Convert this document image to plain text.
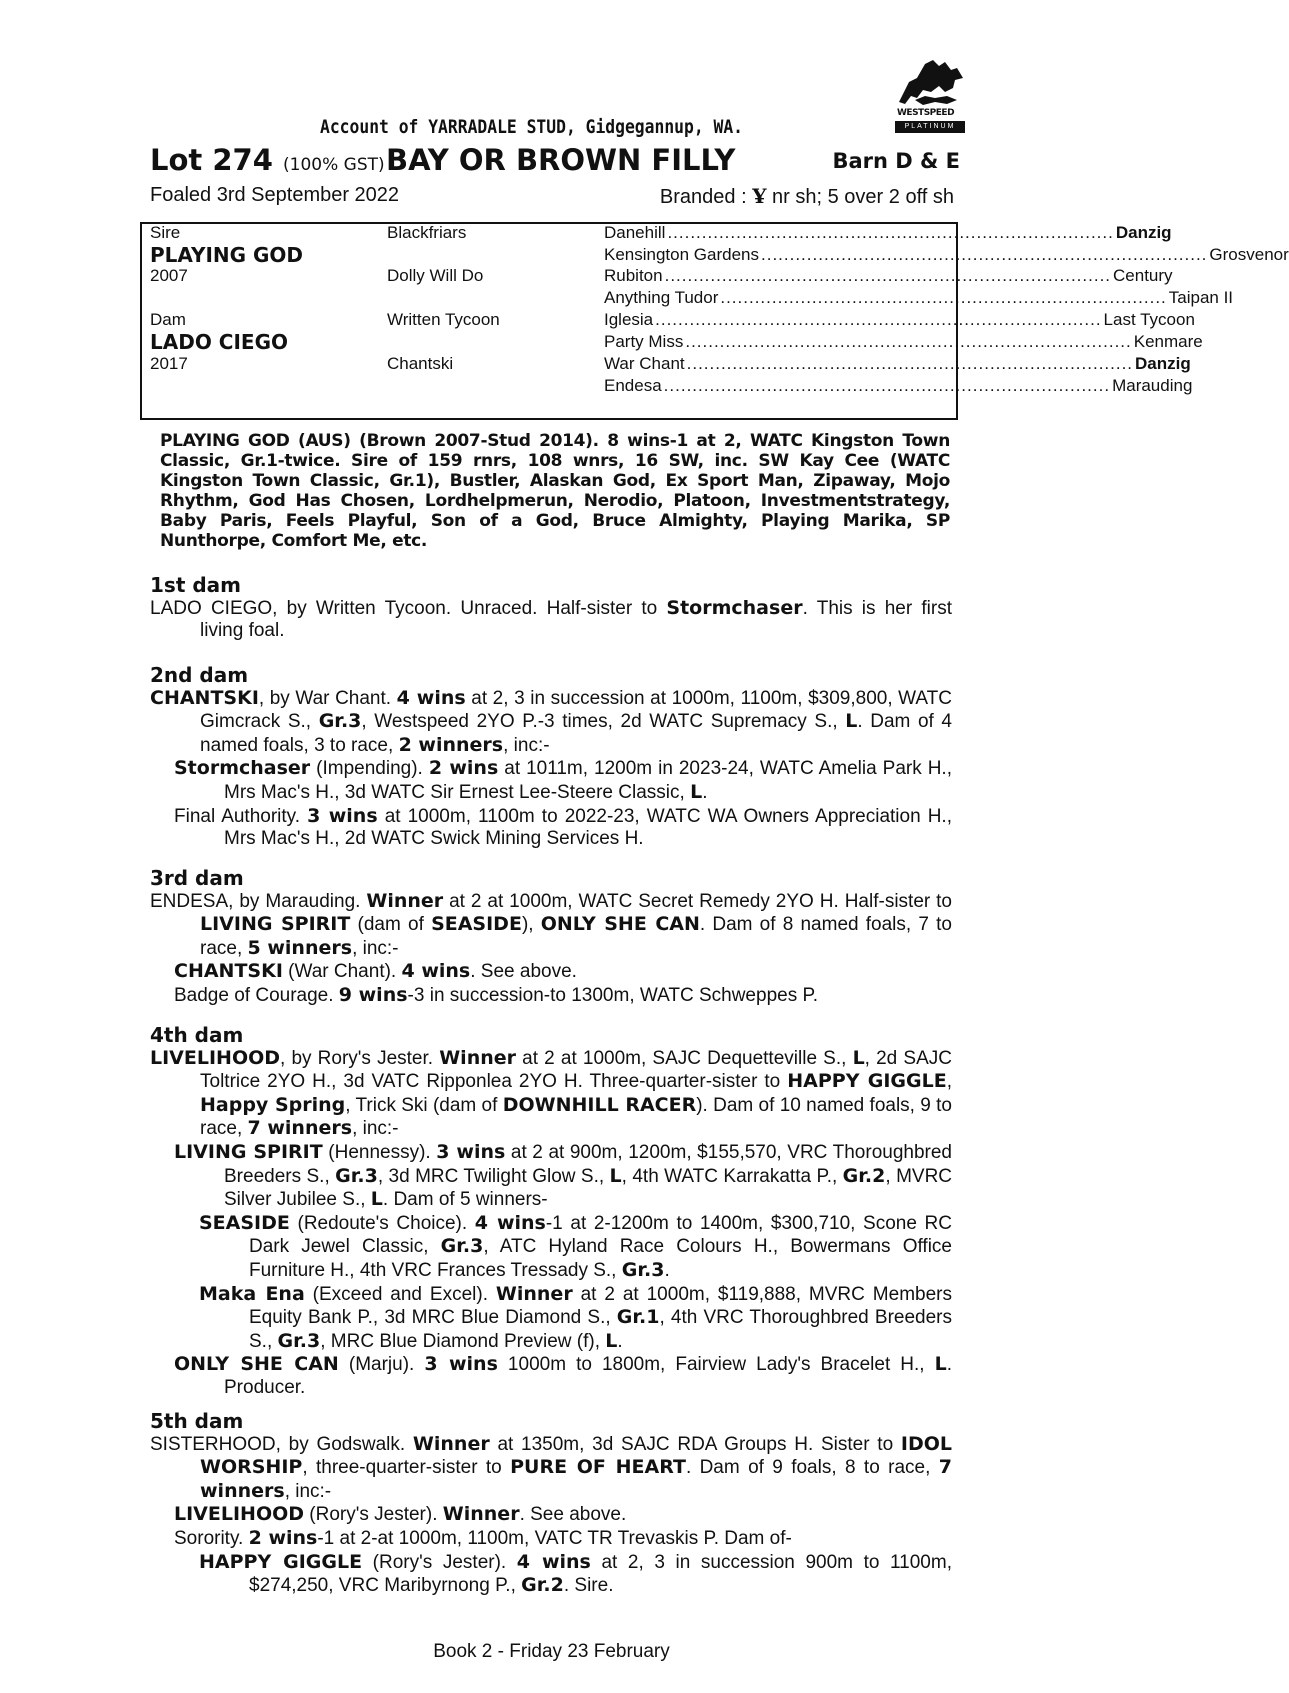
WESTSPEED
PLATINUM
Account of YARRADALE STUD, Gidgegannup, WA.
Lot 274 (100% GST) BAY OR BROWN FILLY	Barn D & E
Foaled 3rd September 2022	Branded : Ұ nr sh; 5 over 2 off sh
Sire
PLAYING GOD
2007
Dam
LADO CIEGO
2017
Blackfriars
Dolly Will Do
Written Tycoon
Chantski
Danehill .............................................................................. Danzig
Kensington Gardens .............................................................................. Grosvenor
Rubiton .............................................................................. Century
Anything Tudor .............................................................................. Taipan II
Iglesia .............................................................................. Last Tycoon
Party Miss .............................................................................. Kenmare
War Chant .............................................................................. Danzig
Endesa .............................................................................. Marauding
PLAYING GOD (AUS) (Brown 2007-Stud 2014). 8 wins-1 at 2, WATC Kingston Town Classic, Gr.1-twice. Sire of 159 rnrs, 108 wnrs, 16 SW, inc. SW Kay Cee (WATC Kingston Town Classic, Gr.1), Bustler, Alaskan God, Ex Sport Man, Zipaway, Mojo Rhythm, God Has Chosen, Lordhelpmerun, Nerodio, Platoon, Investmentstrategy, Baby Paris, Feels Playful, Son of a God, Bruce Almighty, Playing Marika, SP Nunthorpe, Comfort Me, etc.
1st dam

LADO CIEGO, by Written Tycoon. Unraced. Half-sister to Stormchaser. This is her first living foal.

2nd dam

CHANTSKI, by War Chant. 4 wins at 2, 3 in succession at 1000m, 1100m, $309,800, WATC Gimcrack S., Gr.3, Westspeed 2YO P.-3 times, 2d WATC Supremacy S., L. Dam of 4 named foals, 3 to race, 2 winners, inc:-

Stormchaser (Impending). 2 wins at 1011m, 1200m in 2023-24, WATC Amelia Park H., Mrs Mac's H., 3d WATC Sir Ernest Lee-Steere Classic, L.

Final Authority. 3 wins at 1000m, 1100m to 2022-23, WATC WA Owners Appreciation H., Mrs Mac's H., 2d WATC Swick Mining Services H.

3rd dam

ENDESA, by Marauding. Winner at 2 at 1000m, WATC Secret Remedy 2YO H. Half-sister to LIVING SPIRIT (dam of SEASIDE), ONLY SHE CAN. Dam of 8 named foals, 7 to race, 5 winners, inc:-

CHANTSKI (War Chant). 4 wins. See above.

Badge of Courage. 9 wins-3 in succession-to 1300m, WATC Schweppes P.

4th dam

LIVELIHOOD, by Rory's Jester. Winner at 2 at 1000m, SAJC Dequetteville S., L, 2d SAJC Toltrice 2YO H., 3d VATC Ripponlea 2YO H. Three-quarter-sister to HAPPY GIGGLE, Happy Spring, Trick Ski (dam of DOWNHILL RACER). Dam of 10 named foals, 9 to race, 7 winners, inc:-

LIVING SPIRIT (Hennessy). 3 wins at 2 at 900m, 1200m, $155,570, VRC Thoroughbred Breeders S., Gr.3, 3d MRC Twilight Glow S., L, 4th WATC Karrakatta P., Gr.2, MVRC Silver Jubilee S., L. Dam of 5 winners-

SEASIDE (Redoute's Choice). 4 wins-1 at 2-1200m to 1400m, $300,710, Scone RC Dark Jewel Classic, Gr.3, ATC Hyland Race Colours H., Bowermans Office Furniture H., 4th VRC Frances Tressady S., Gr.3.

Maka Ena (Exceed and Excel). Winner at 2 at 1000m, $119,888, MVRC Members Equity Bank P., 3d MRC Blue Diamond S., Gr.1, 4th VRC Thoroughbred Breeders S., Gr.3, MRC Blue Diamond Preview (f), L.

ONLY SHE CAN (Marju). 3 wins 1000m to 1800m, Fairview Lady's Bracelet H., L. Producer.

5th dam

SISTERHOOD, by Godswalk. Winner at 1350m, 3d SAJC RDA Groups H. Sister to IDOL WORSHIP, three-quarter-sister to PURE OF HEART. Dam of 9 foals, 8 to race, 7 winners, inc:-

LIVELIHOOD (Rory's Jester). Winner. See above.

Sorority. 2 wins-1 at 2-at 1000m, 1100m, VATC TR Trevaskis P. Dam of-

HAPPY GIGGLE (Rory's Jester). 4 wins at 2, 3 in succession 900m to 1100m, $274,250, VRC Maribyrnong P., Gr.2. Sire.

Book 2 - Friday 23 February
